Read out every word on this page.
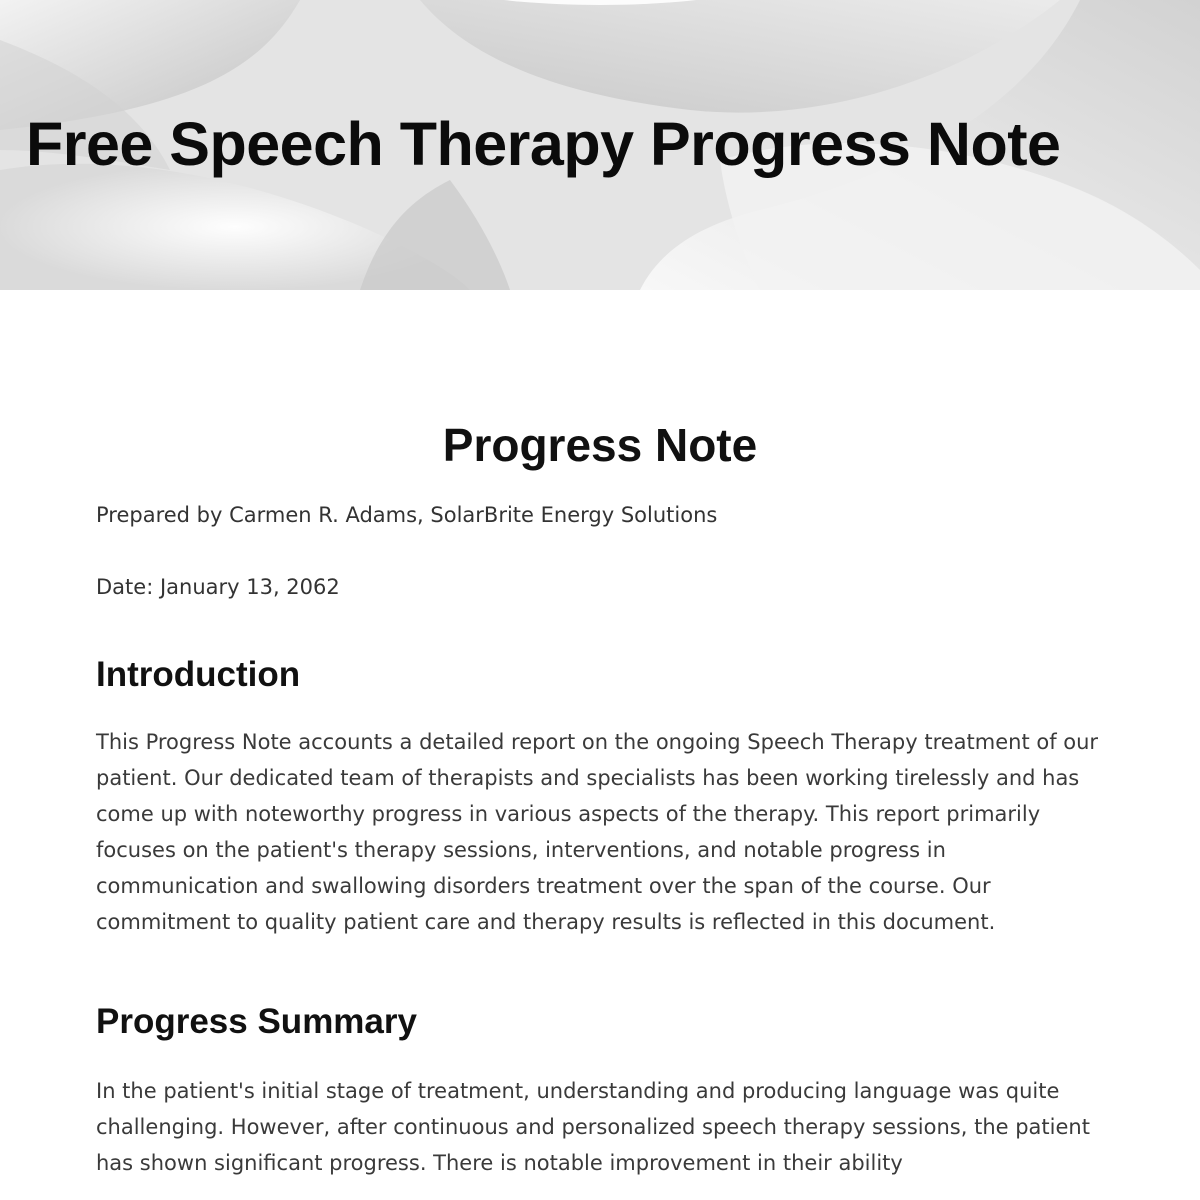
Free Speech Therapy Progress Note
Progress Note

Prepared by Carmen R. Adams, SolarBrite Energy Solutions

Date: January 13, 2062

Introduction

This Progress Note accounts a detailed report on the ongoing Speech Therapy treatment of our patient. Our dedicated team of therapists and specialists has been working tirelessly and has come up with noteworthy progress in various aspects of the therapy. This report primarily focuses on the patient's therapy sessions, interventions, and notable progress in communication and swallowing disorders treatment over the span of the course. Our commitment to quality patient care and therapy results is reflected in this document.

Progress Summary

In the patient's initial stage of treatment, understanding and producing language was quite challenging. However, after continuous and personalized speech therapy sessions, the patient has shown significant progress. There is notable improvement in their ability
